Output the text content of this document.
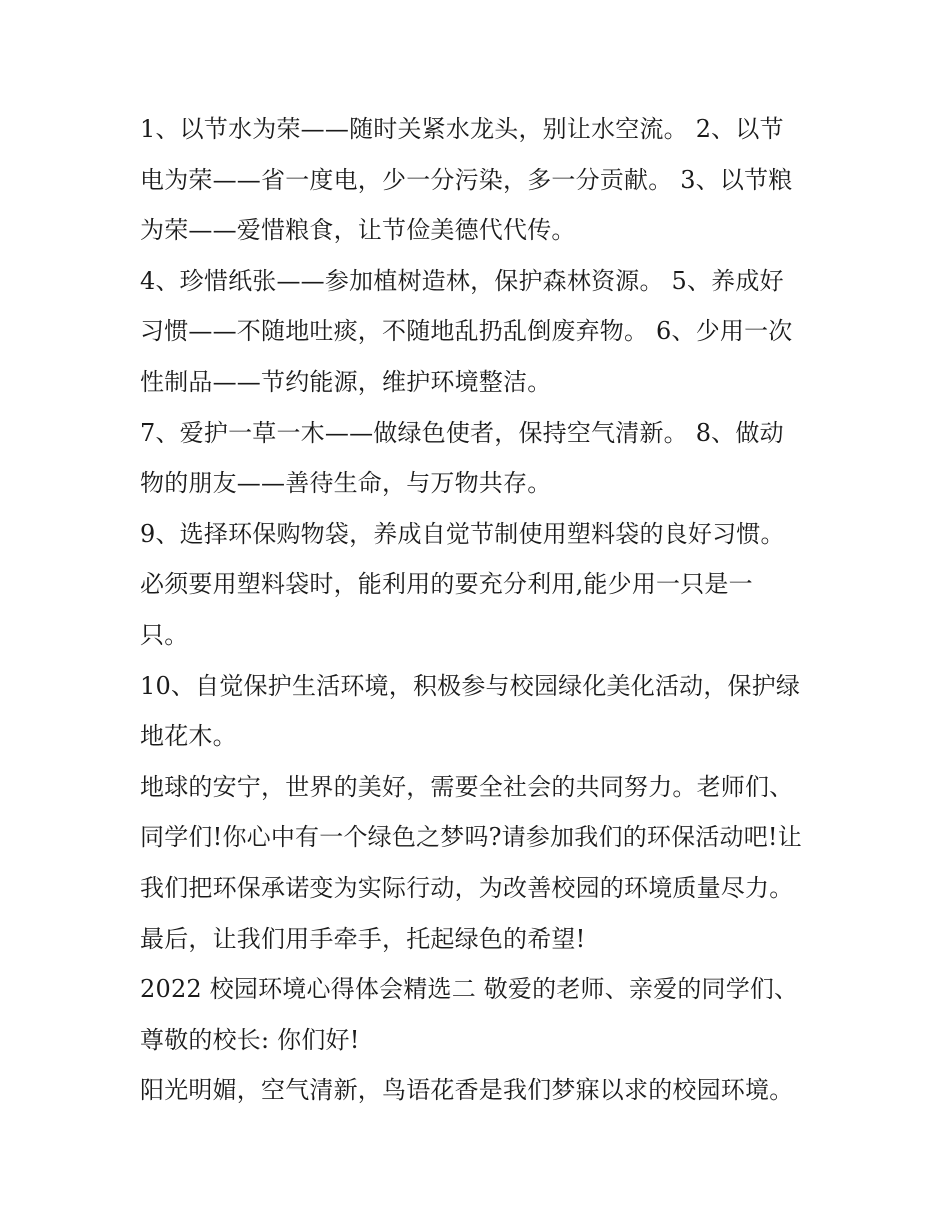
1、以节水为荣——随时关紧水龙头，别让水空流。 2、以节
电为荣——省一度电，少一分污染，多一分贡献。 3、以节粮
为荣——爱惜粮食，让节俭美德代代传。
4、珍惜纸张——参加植树造林，保护森林资源。 5、养成好
习惯——不随地吐痰，不随地乱扔乱倒废弃物。 6、少用一次
性制品——节约能源，维护环境整洁。
7、爱护一草一木——做绿色使者，保持空气清新。 8、做动
物的朋友——善待生命，与万物共存。
9、选择环保购物袋，养成自觉节制使用塑料袋的良好习惯。
必须要用塑料袋时，能利用的要充分利用,能少用一只是一
只。
10、自觉保护生活环境，积极参与校园绿化美化活动，保护绿
地花木。
地球的安宁，世界的美好，需要全社会的共同努力。老师们、
同学们!你心中有一个绿色之梦吗?请参加我们的环保活动吧!让
我们把环保承诺变为实际行动，为改善校园的环境质量尽力。
最后，让我们用手牵手，托起绿色的希望!
2022 校园环境心得体会精选二 敬爱的老师、亲爱的同学们、
尊敬的校长: 你们好!
阳光明媚，空气清新，鸟语花香是我们梦寐以求的校园环境。
